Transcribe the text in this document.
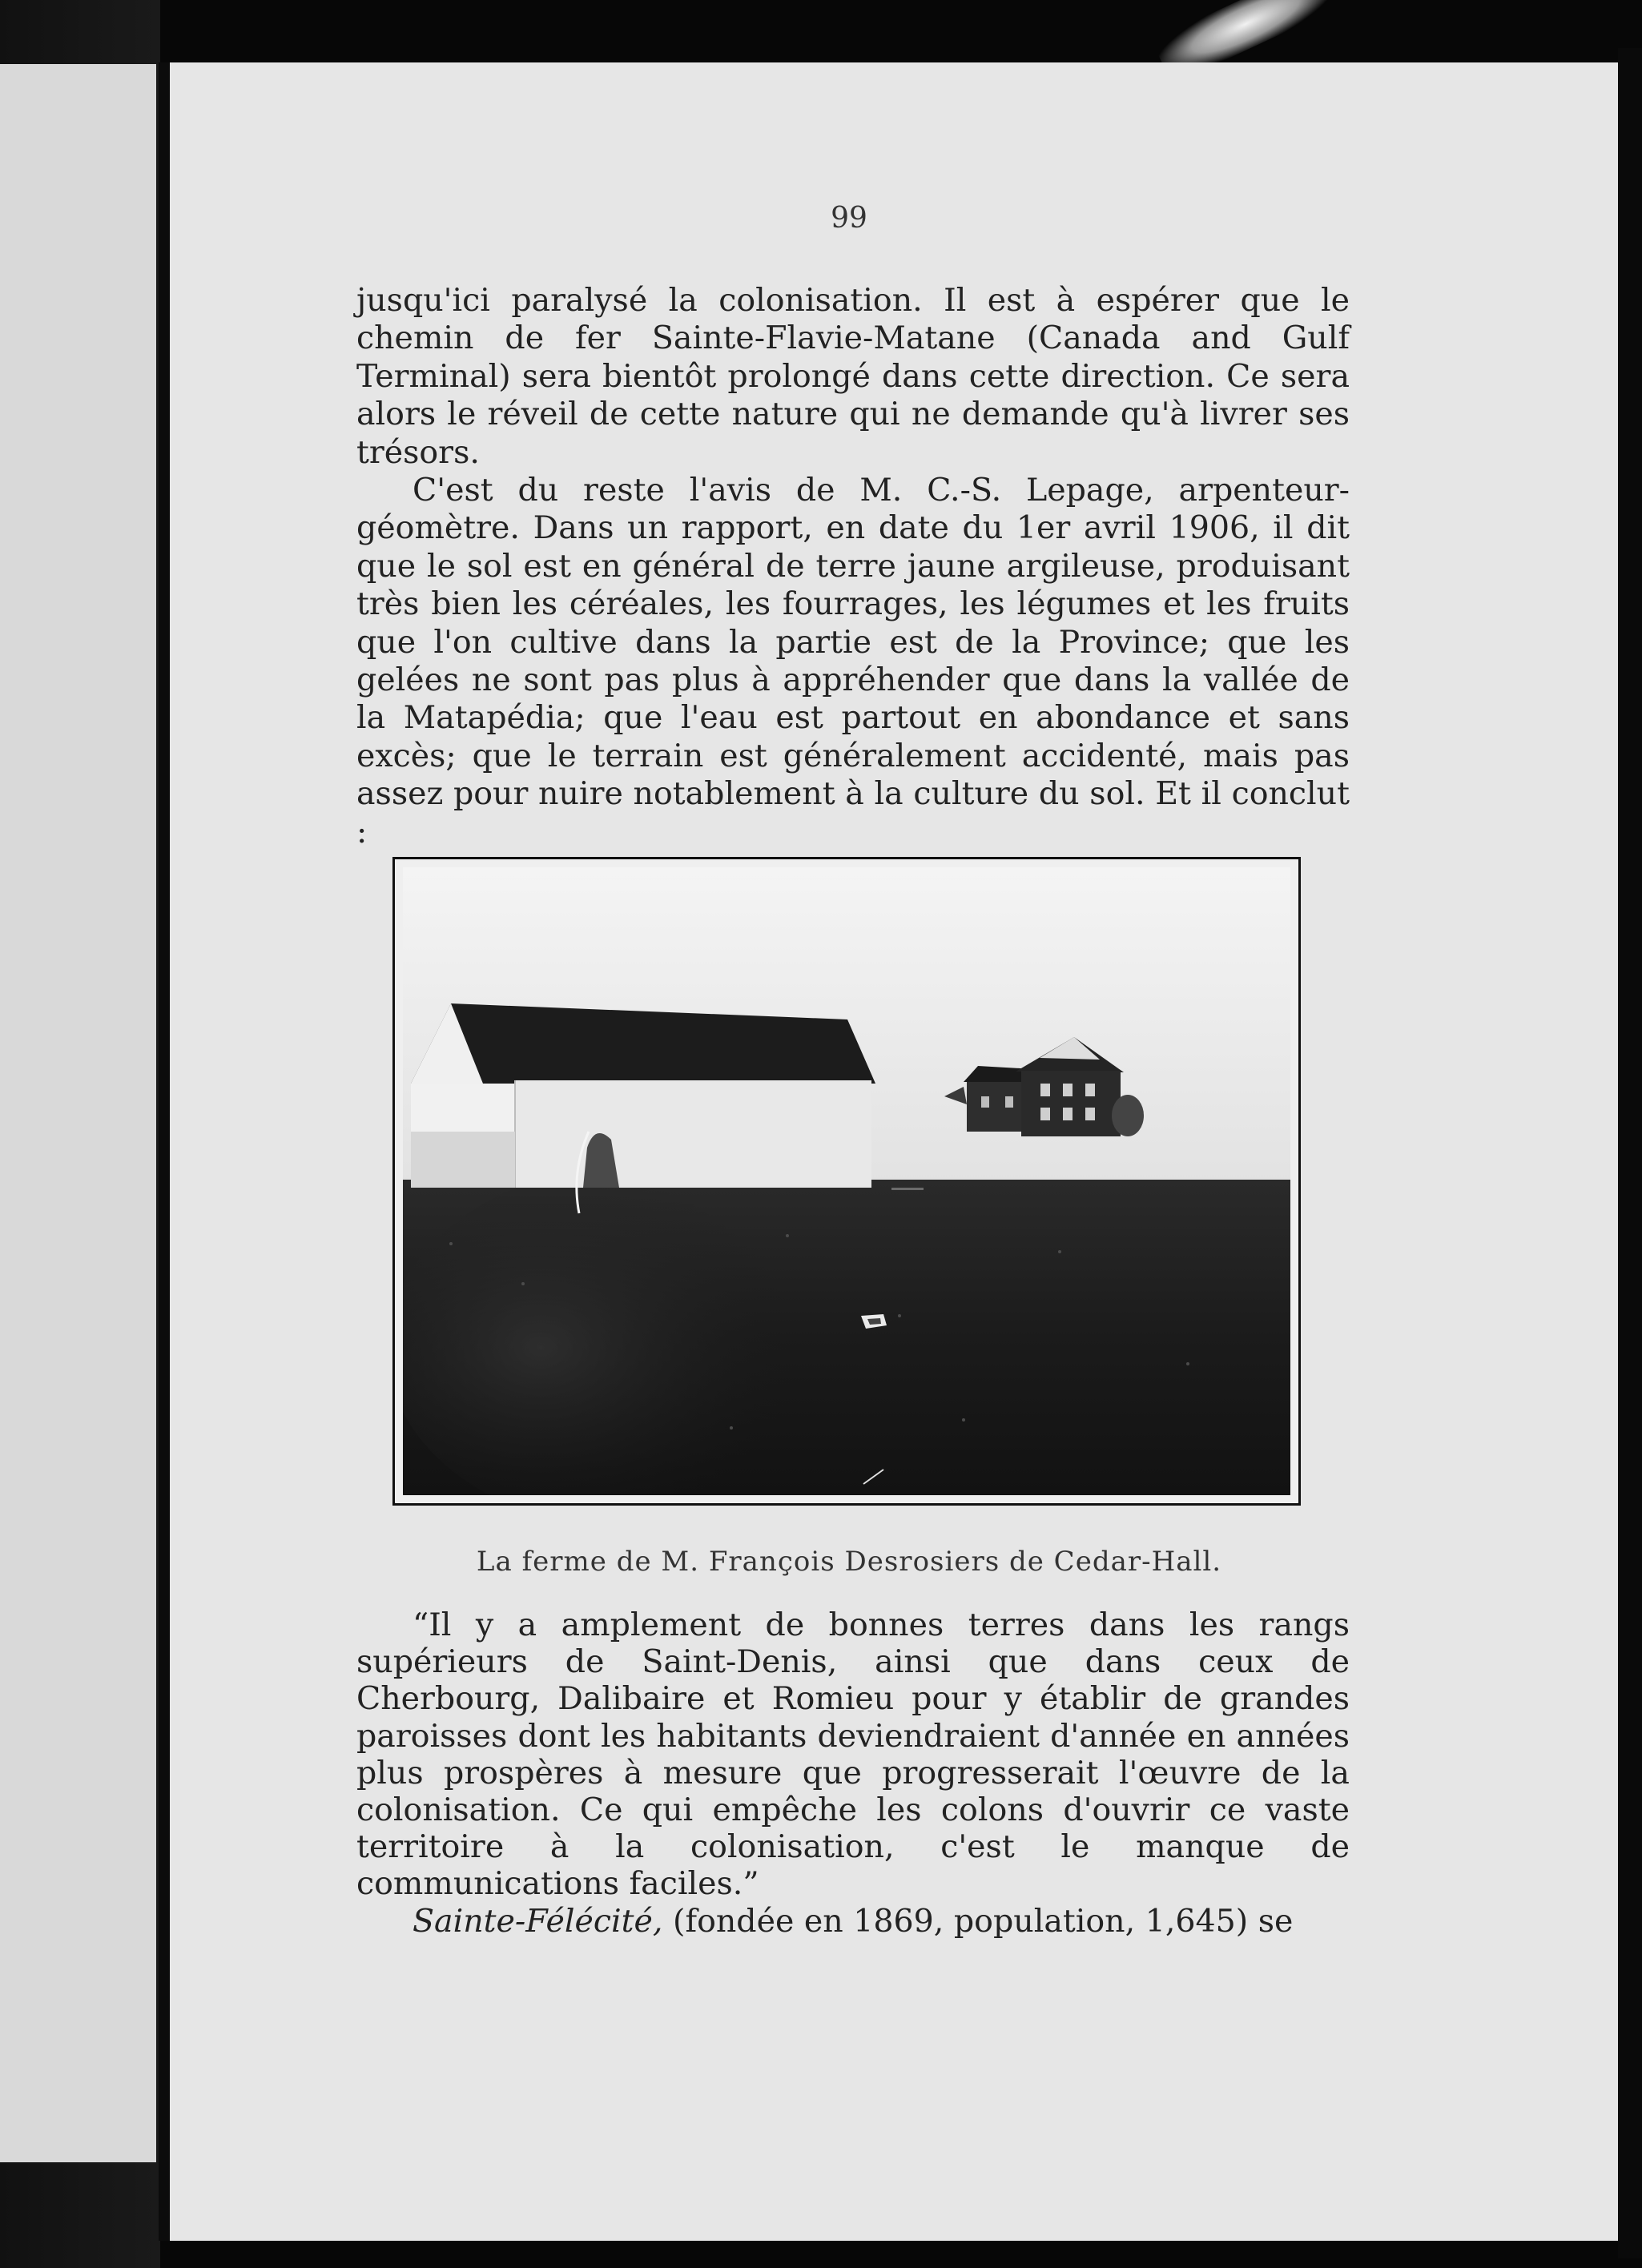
99

jusqu'ici paralysé la colonisation. Il est à espérer que le chemin de fer Sainte-Flavie-Matane (Canada and Gulf Terminal) sera bientôt prolongé dans cette direction. Ce sera alors le réveil de cette nature qui ne demande qu'à livrer ses trésors.

C'est du reste l'avis de M. C.-S. Lepage, arpenteur-géomètre. Dans un rapport, en date du 1er avril 1906, il dit que le sol est en général de terre jaune argileuse, produisant très bien les céréales, les fourrages, les légumes et les fruits que l'on cultive dans la partie est de la Province; que les gelées ne sont pas plus à appréhender que dans la vallée de la Matapédia; que l'eau est partout en abondance et sans excès; que le terrain est généralement accidenté, mais pas assez pour nuire notablement à la culture du sol. Et il conclut :

La ferme de M. François Desrosiers de Cedar-Hall.

“Il y a amplement de bonnes terres dans les rangs supérieurs de Saint-Denis, ainsi que dans ceux de Cherbourg, Dalibaire et Romieu pour y établir de grandes paroisses dont les habitants deviendraient d'année en années plus prospères à mesure que progresserait l'œuvre de la colonisation. Ce qui empêche les colons d'ouvrir ce vaste territoire à la colonisation, c'est le manque de communications faciles.”

Sainte-Félécité, (fondée en 1869, population, 1,645) se
